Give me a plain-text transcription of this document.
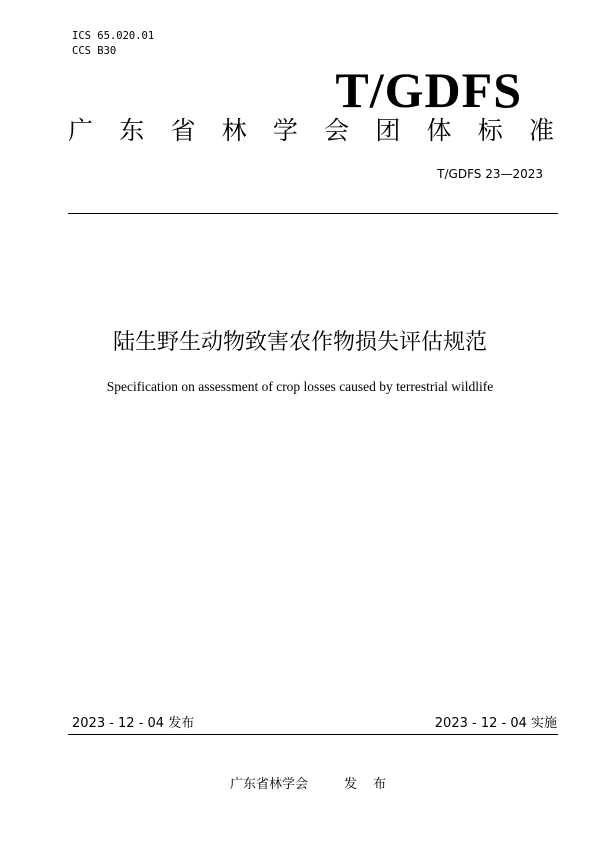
ICS 65.020.01
CCS B30
T/GDFS
广东省林学会团体标准
T/GDFS 23—2023
陆生野生动物致害农作物损失评估规范
Specification on assessment of crop losses caused by terrestrial wildlife
2023 - 12 - 04 发布	2023 - 12 - 04 实施
广东省林学会	发 布
